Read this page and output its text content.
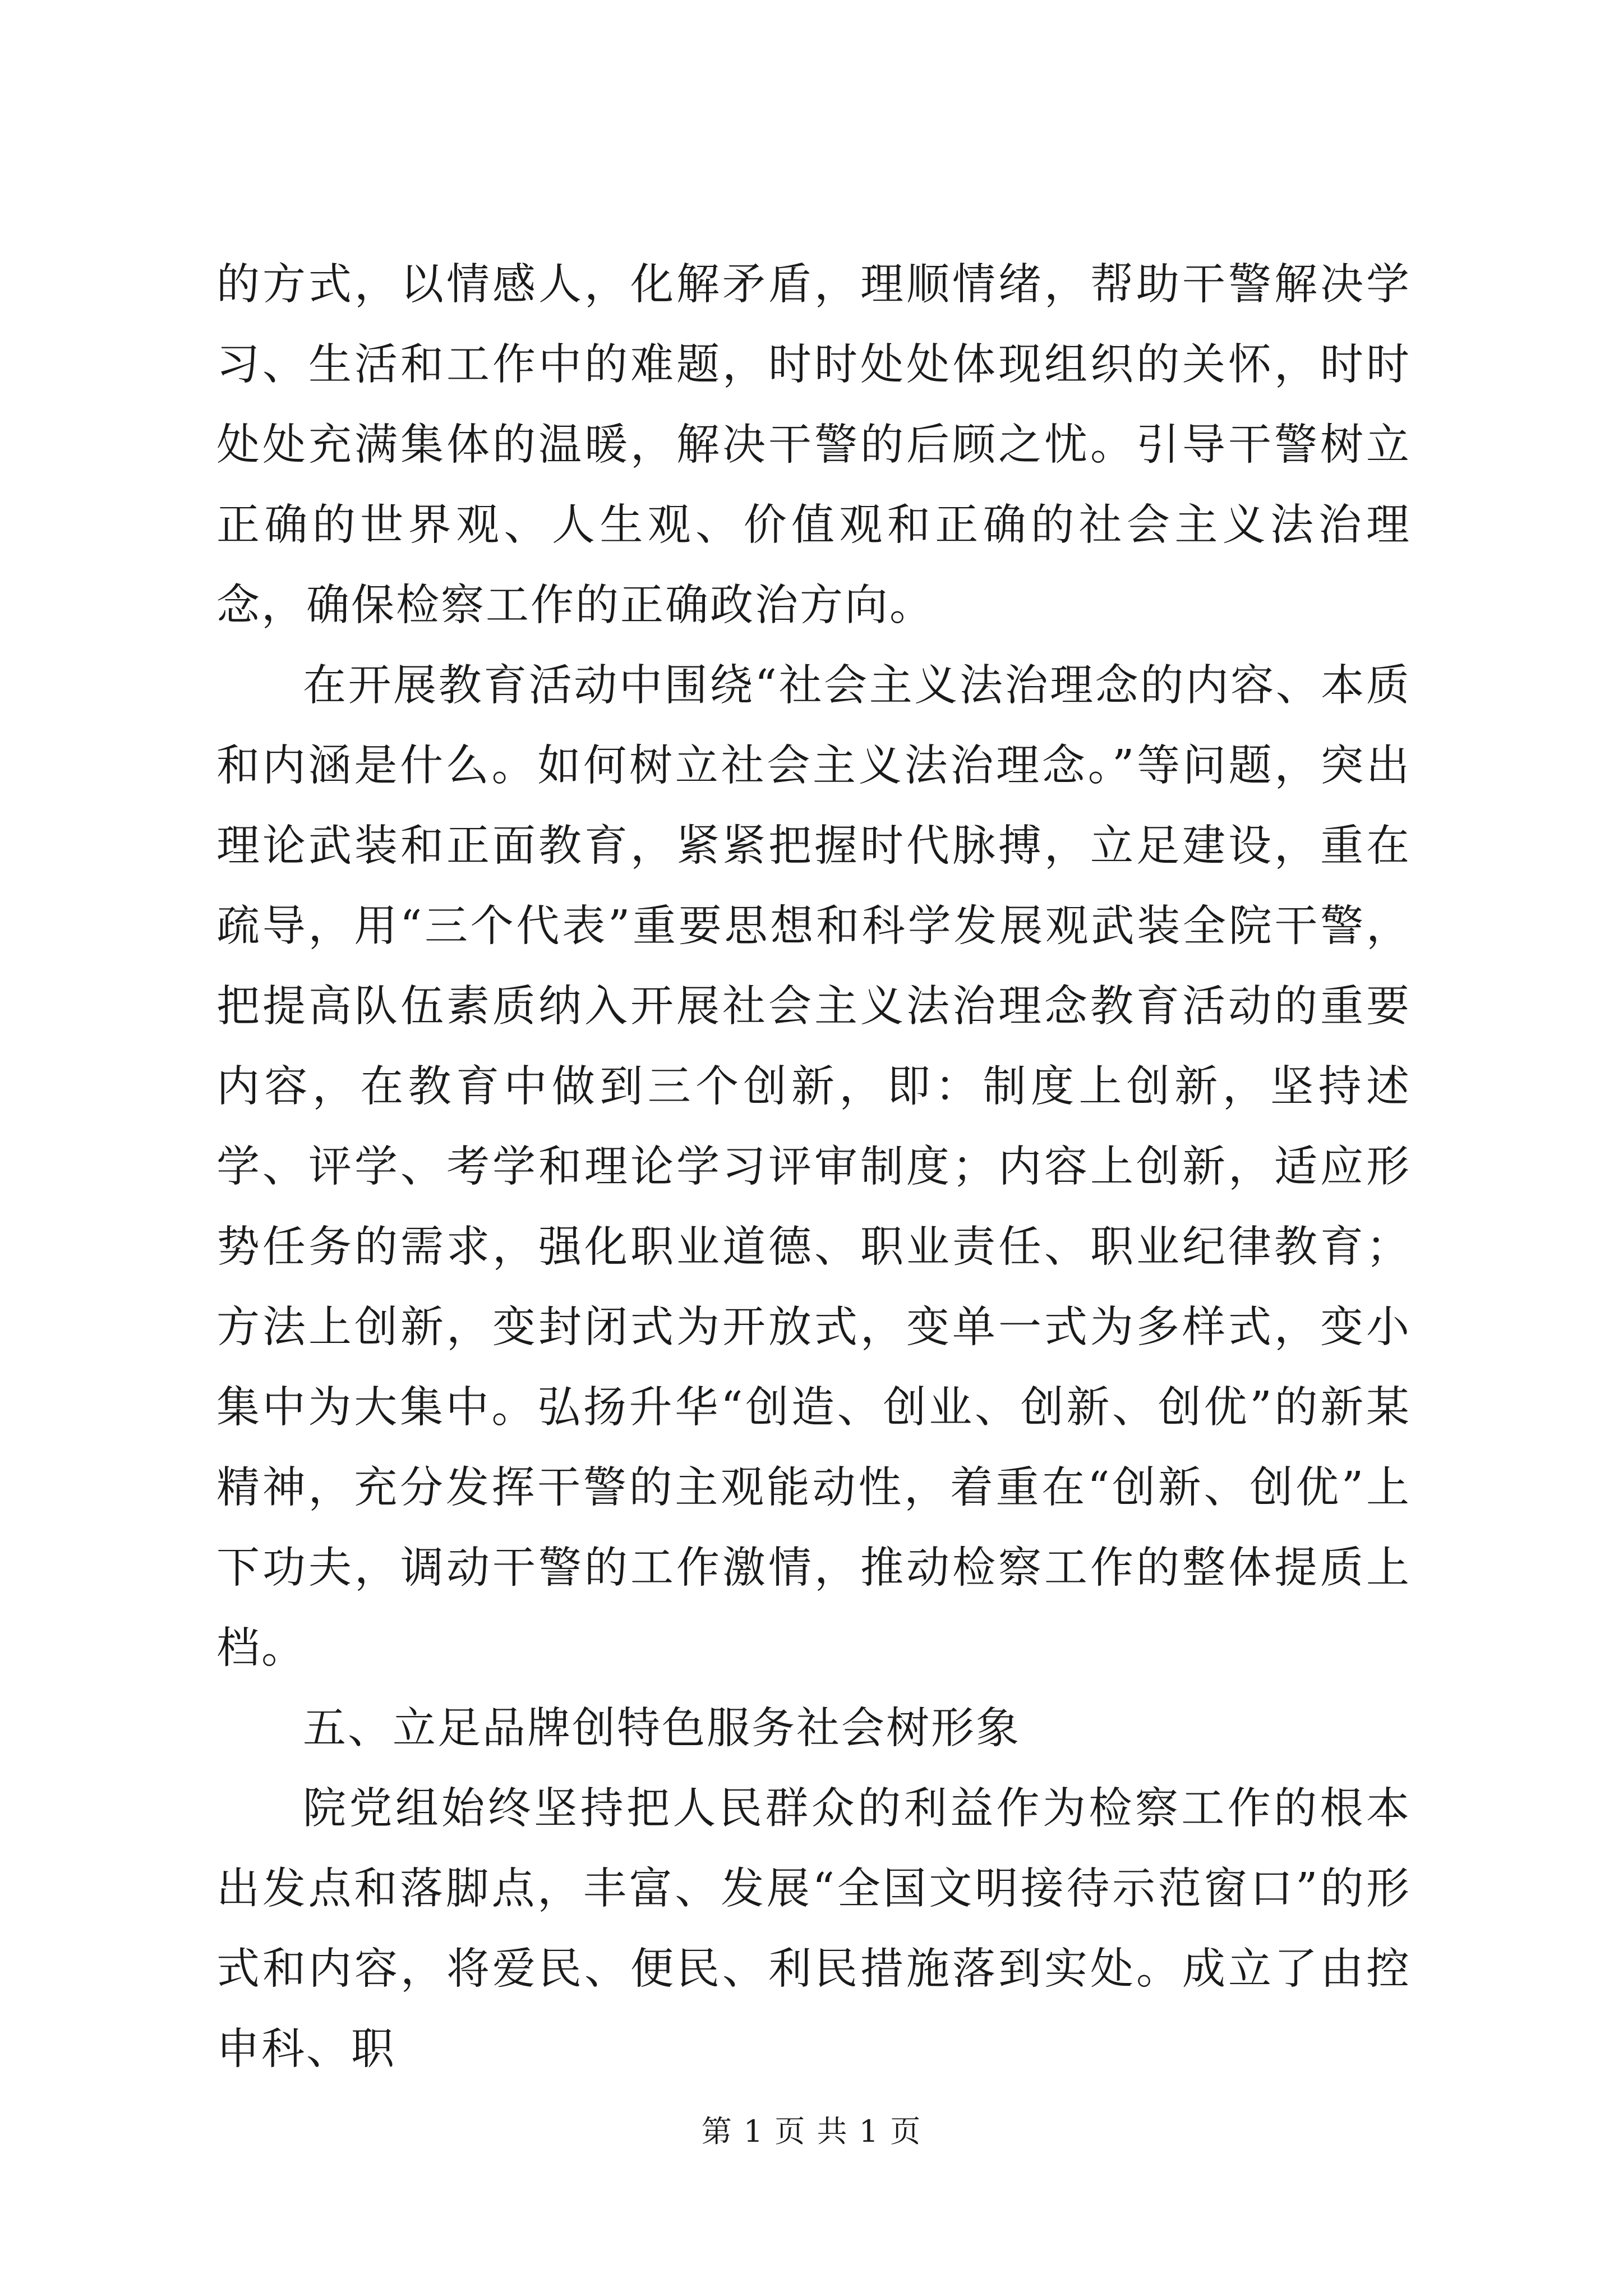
的方式，以情感人，化解矛盾，理顺情绪，帮助干警解决学习、生活和工作中的难题，时时处处体现组织的关怀，时时处处充满集体的温暖，解决干警的后顾之忧。引导干警树立正确的世界观、人生观、价值观和正确的社会主义法治理念，确保检察工作的正确政治方向。

在开展教育活动中围绕“社会主义法治理念的内容、本质和内涵是什么。如何树立社会主义法治理念。”等问题，突出理论武装和正面教育，紧紧把握时代脉搏，立足建设，重在疏导，用“三个代表”重要思想和科学发展观武装全院干警，把提高队伍素质纳入开展社会主义法治理念教育活动的重要内容，在教育中做到三个创新，即：制度上创新，坚持述学、评学、考学和理论学习评审制度；内容上创新，适应形势任务的需求，强化职业道德、职业责任、职业纪律教育；方法上创新，变封闭式为开放式，变单一式为多样式，变小集中为大集中。弘扬升华“创造、创业、创新、创优”的新某精神，充分发挥干警的主观能动性，着重在“创新、创优”上下功夫，调动干警的工作激情，推动检察工作的整体提质上档。

五、立足品牌创特色服务社会树形象

院党组始终坚持把人民群众的利益作为检察工作的根本出发点和落脚点，丰富、发展“全国文明接待示范窗口”的形式和内容，将爱民、便民、利民措施落到实处。成立了由控申科、职

第 1 页 共 1 页
